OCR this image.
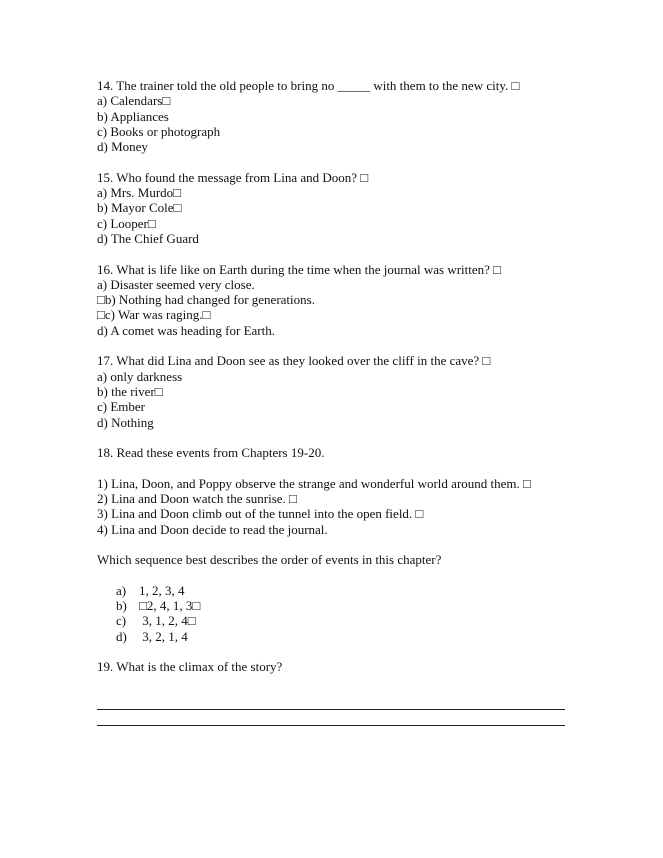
14. The trainer told the old people to bring no _____ with them to the new city. □
a) Calendars□
b) Appliances
c) Books or photograph
d) Money
15. Who found the message from Lina and Doon? □
a) Mrs. Murdo□
b) Mayor Cole□
c) Looper□
d) The Chief Guard
16. What is life like on Earth during the time when the journal was written? □
a) Disaster seemed very close.
□b) Nothing had changed for generations.
□c) War was raging.□
d) A comet was heading for Earth.
17. What did Lina and Doon see as they looked over the cliff in the cave? □
a) only darkness
b) the river□
c) Ember
d) Nothing
18. Read these events from Chapters 19-20.
1) Lina, Doon, and Poppy observe the strange and wonderful world around them. □
2) Lina and Doon watch the sunrise. □
3) Lina and Doon climb out of the tunnel into the open field. □
4) Lina and Doon decide to read the journal.
Which sequence best describes the order of events in this chapter?
a) 1, 2, 3, 4
b) □2, 4, 1, 3□
c) 3, 1, 2, 4□
d) 3, 2, 1, 4
19. What is the climax of the story?
